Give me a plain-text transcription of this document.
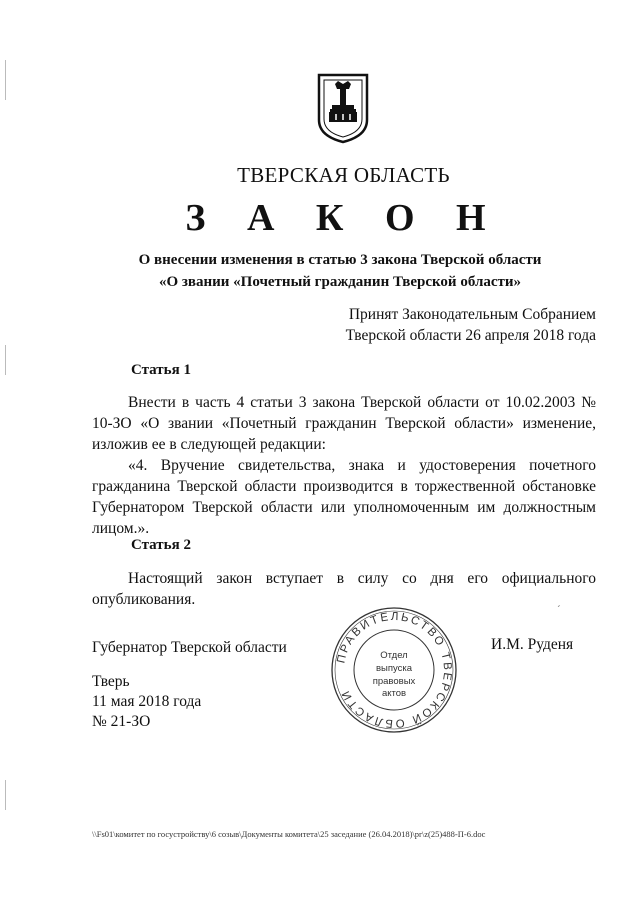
ТВЕРСКАЯ ОБЛАСТЬ
З А К О Н
О внесении изменения в статью 3 закона Тверской области
«О звании «Почетный гражданин Тверской области»
Принят Законодательным Собранием
Тверской области 26 апреля 2018 года
Статья 1
Внести в часть 4 статьи 3 закона Тверской области от 10.02.2003 № 10-ЗО «О звании «Почетный гражданин Тверской области» изменение, изложив ее в следующей редакции:
«4. Вручение свидетельства, знака и удостоверения почетного гражданина Тверской области производится в торжественной обстановке Губернатором Тверской области или уполномоченным им должностным лицом.».
Статья 2
Настоящий закон вступает в силу со дня его официального опубликования.
´
Губернатор Тверской области	И.М. Руденя
Тверь
11 мая 2018 года
№ 21-ЗО
ПРАВИТЕЛЬСТВО ТВЕРСКОЙ ОБЛАСТИ
Отдел
выпуска
правовых
актов
\\Fs01\комитет по госустройству\6 созыв\Документы комитета\25 заседание (26.04.2018)\pr\z(25)488-П-6.doc
